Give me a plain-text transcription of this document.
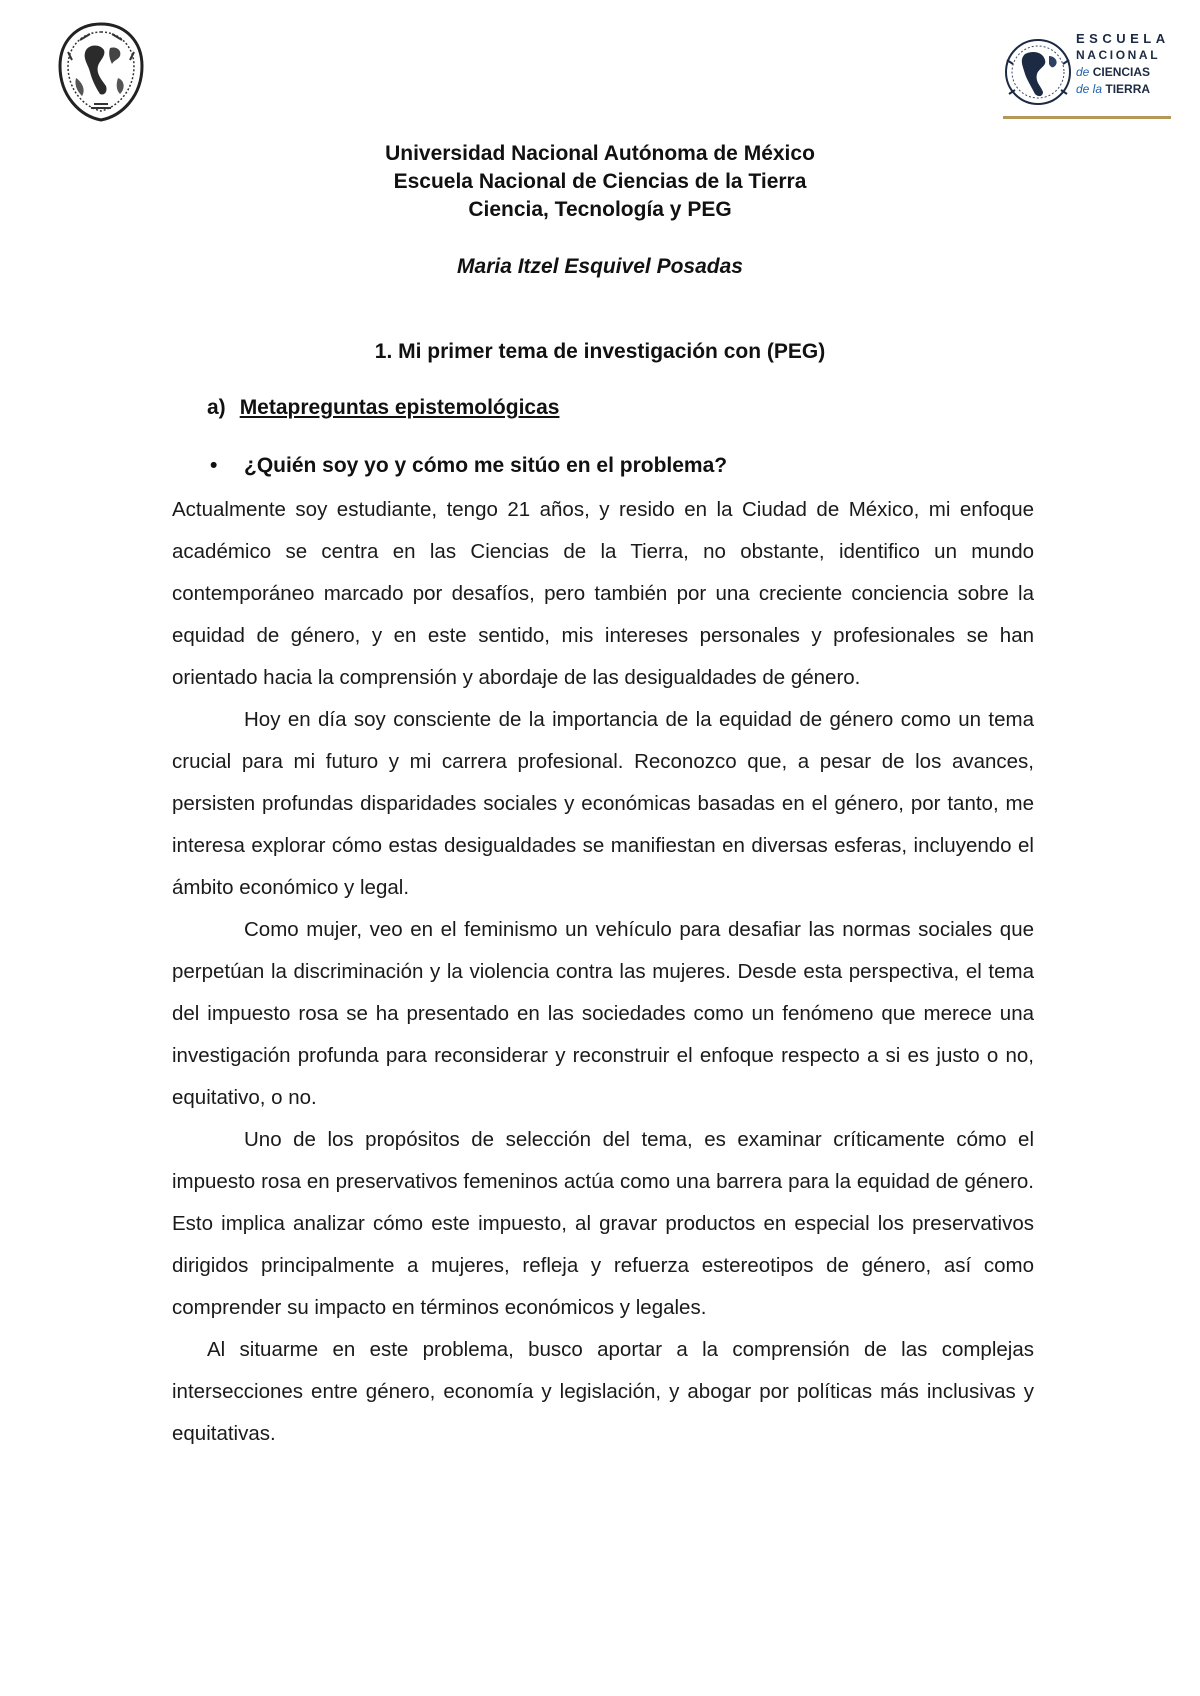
ESCUELA
NACIONAL
de CIENCIAS
de la TIERRA
Universidad Nacional Autónoma de México
Escuela Nacional de Ciencias de la Tierra
Ciencia, Tecnología y PEG
Maria Itzel Esquivel Posadas
1. Mi primer tema de investigación con (PEG)
a) Metapreguntas epistemológicas
• ¿Quién soy yo y cómo me sitúo en el problema?

Actualmente soy estudiante, tengo 21 años, y resido en la Ciudad de México, mi enfoque académico se centra en las Ciencias de la Tierra, no obstante, identifico un mundo contemporáneo marcado por desafíos, pero también por una creciente conciencia sobre la equidad de género, y en este sentido, mis intereses personales y profesionales se han orientado hacia la comprensión y abordaje de las desigualdades de género.

Hoy en día soy consciente de la importancia de la equidad de género como un tema crucial para mi futuro y mi carrera profesional. Reconozco que, a pesar de los avances, persisten profundas disparidades sociales y económicas basadas en el género, por tanto, me interesa explorar cómo estas desigualdades se manifiestan en diversas esferas, incluyendo el ámbito económico y legal.

Como mujer, veo en el feminismo un vehículo para desafiar las normas sociales que perpetúan la discriminación y la violencia contra las mujeres. Desde esta perspectiva, el tema del impuesto rosa se ha presentado en las sociedades como un fenómeno que merece una investigación profunda para reconsiderar y reconstruir el enfoque respecto a si es justo o no, equitativo, o no.

Uno de los propósitos de selección del tema, es examinar críticamente cómo el impuesto rosa en preservativos femeninos actúa como una barrera para la equidad de género. Esto implica analizar cómo este impuesto, al gravar productos en especial los preservativos dirigidos principalmente a mujeres, refleja y refuerza estereotipos de género, así como comprender su impacto en términos económicos y legales.

Al situarme en este problema, busco aportar a la comprensión de las complejas intersecciones entre género, economía y legislación, y abogar por políticas más inclusivas y equitativas.
